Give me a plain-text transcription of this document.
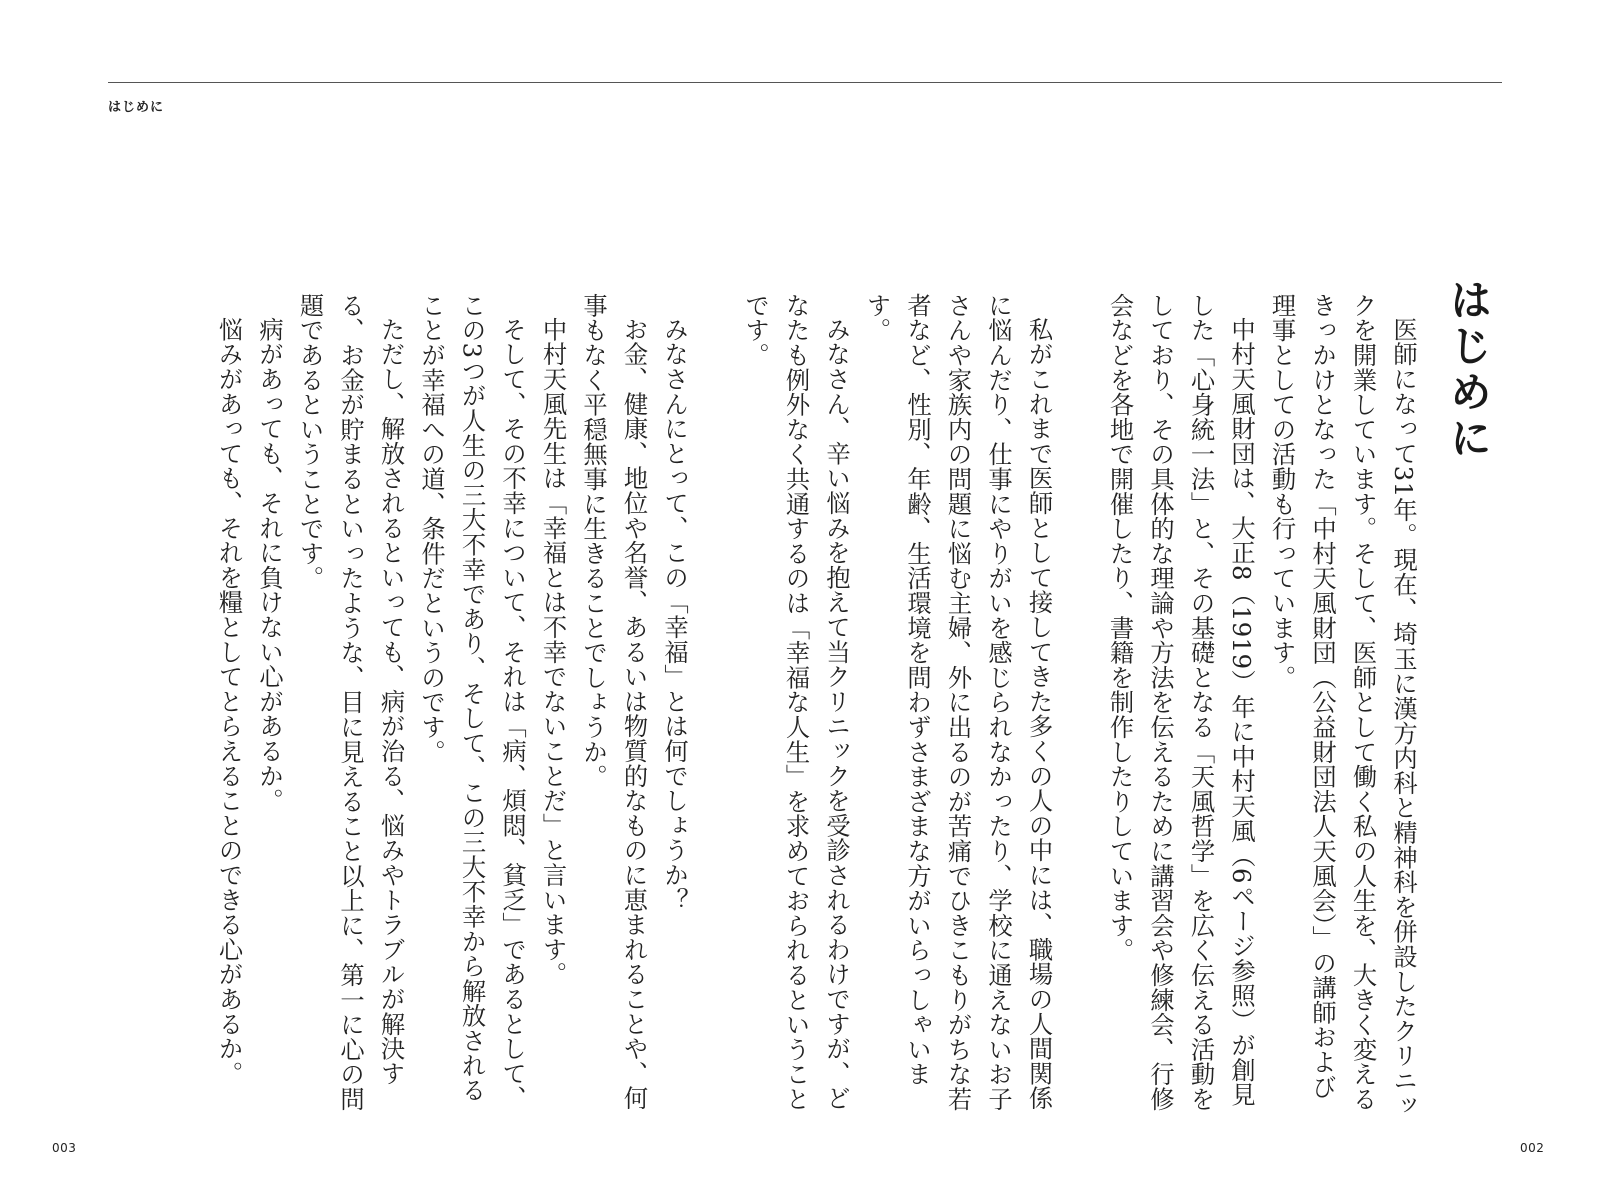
はじめに
はじめに

医師になって31年。現在、埼玉に漢方内科と精神科を併設したクリニックを開業しています。そして、医師として働く私の人生を、大きく変えるきっかけとなった「中村天風財団（公益財団法人天風会）」の講師および理事としての活動も行っています。

中村天風財団は、大正8（1919）年に中村天風（6ページ参照）が創見した「心身統一法」と、その基礎となる「天風哲学」を広く伝える活動をしており、その具体的な理論や方法を伝えるために講習会や修練会、行修会などを各地で開催したり、書籍を制作したりしています。

私がこれまで医師として接してきた多くの人の中には、職場の人間関係に悩んだり、仕事にやりがいを感じられなかったり、学校に通えないお子さんや家族内の問題に悩む主婦、外に出るのが苦痛でひきこもりがちな若者など、性別、年齢、生活環境を問わずさまざまな方がいらっしゃいます。

みなさん、辛い悩みを抱えて当クリニックを受診されるわけですが、どなたも例外なく共通するのは「幸福な人生」を求めておられるということです。

みなさんにとって、この「幸福」とは何でしょうか？

お金、健康、地位や名誉、あるいは物質的なものに恵まれることや、何事もなく平穏無事に生きることでしょうか。

中村天風先生は「幸福とは不幸でないことだ」と言います。

そして、その不幸について、それは「病、煩悶、貧乏」であるとして、この3つが人生の三大不幸であり、そして、この三大不幸から解放されることが幸福への道、条件だというのです。

ただし、解放されるといっても、病が治る、悩みやトラブルが解決する、お金が貯まるといったような、目に見えること以上に、第一に心の問題であるということです。

病があっても、それに負けない心があるか。

悩みがあっても、それを糧としてとらえることのできる心があるか。

003	002
